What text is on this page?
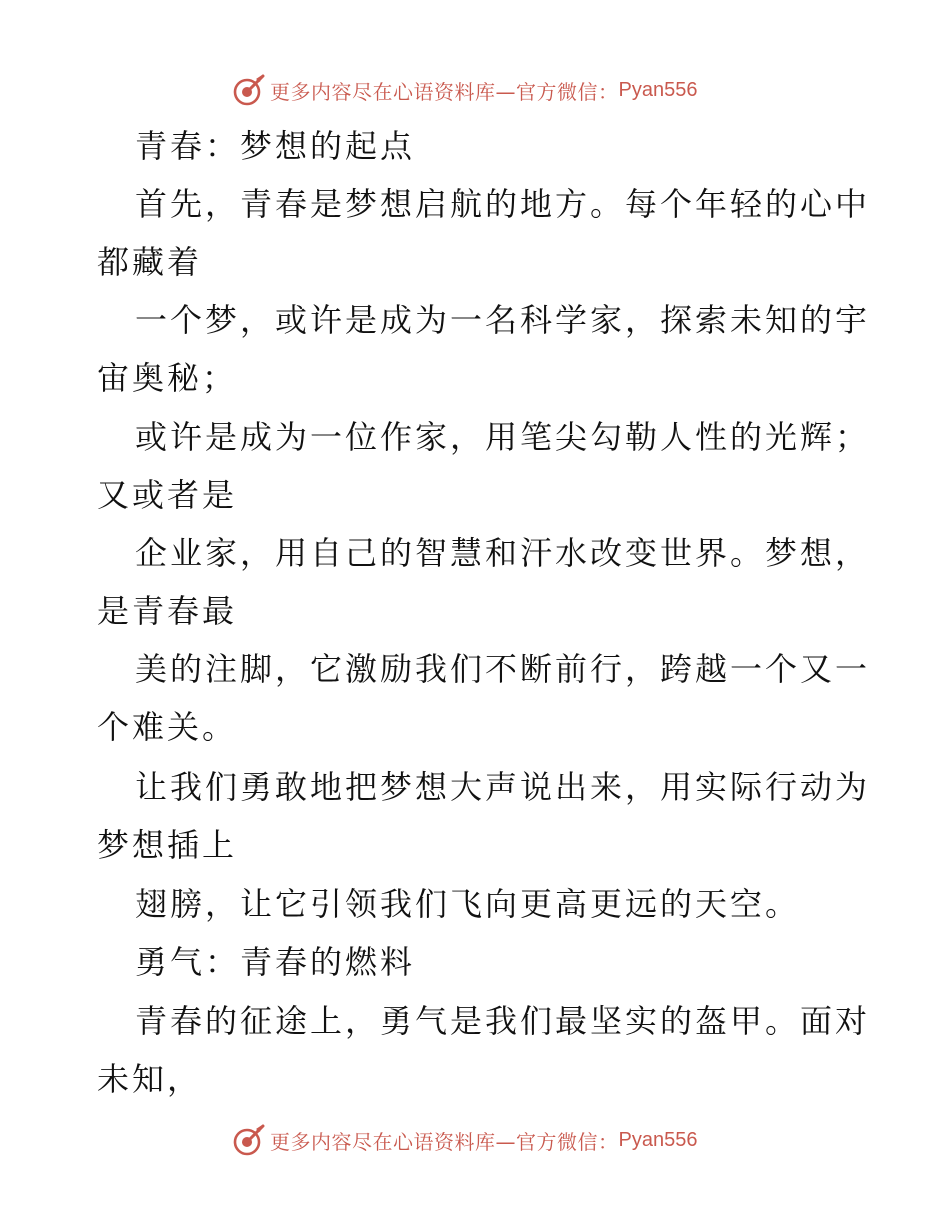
更多内容尽在心语资料库—官方微信： Pyan556
青春：梦想的起点
首先，青春是梦想启航的地方。每个年轻的心中
都藏着
一个梦，或许是成为一名科学家，探索未知的宇
宙奥秘；
或许是成为一位作家，用笔尖勾勒人性的光辉；
又或者是
企业家，用自己的智慧和汗水改变世界。梦想，
是青春最
美的注脚，它激励我们不断前行，跨越一个又一
个难关。
让我们勇敢地把梦想大声说出来，用实际行动为
梦想插上
翅膀，让它引领我们飞向更高更远的天空。
勇气：青春的燃料
青春的征途上，勇气是我们最坚实的盔甲。面对
未知，
更多内容尽在心语资料库—官方微信： Pyan556
